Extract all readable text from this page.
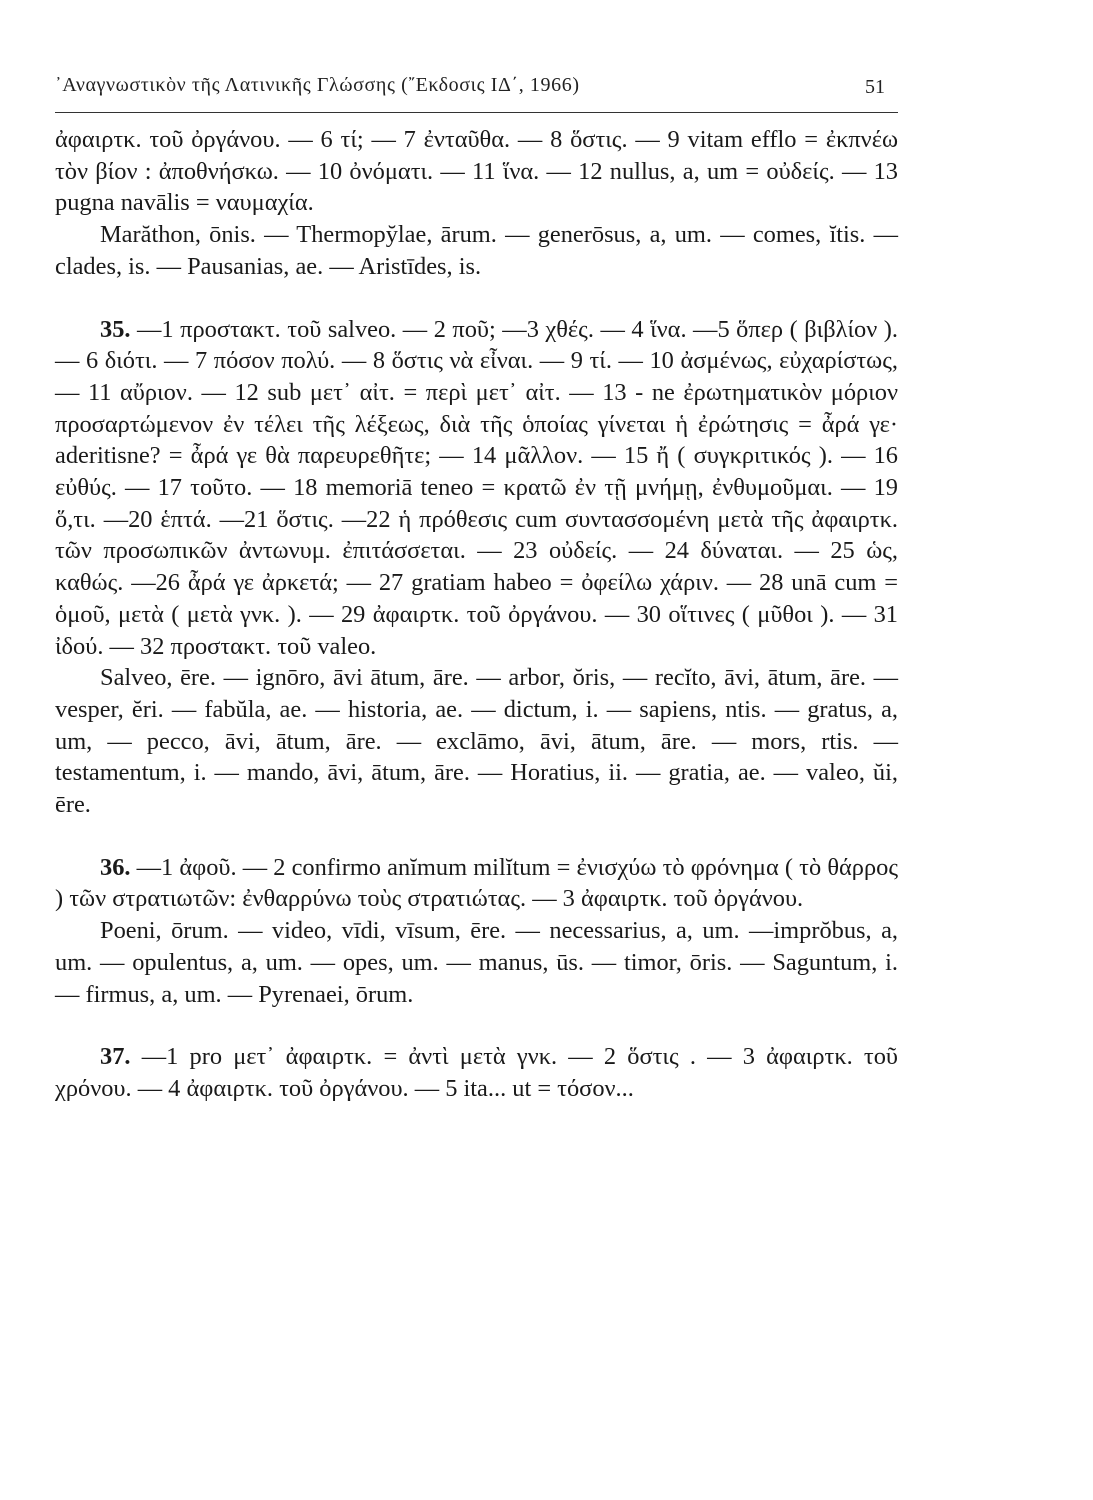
᾿Αναγνωστικὸν τῆς Λατινικῆς Γλώσσης (῎Εκδοσις ΙΔ΄, 1966)	51

ἀφαιρτκ. τοῦ ὀργάνου. — 6 τί; — 7 ἐνταῦθα. — 8 ὅστις. — 9 vitam efflo = ἐκπνέω τὸν βίον : ἀποθνήσκω. — 10 ὀνόματι. — 11 ἵνα. — 12 nullus, a, um = οὐδείς. — 13 pugna navālis = ναυμαχία.

Marăthon, ōnis. — Thermopy̆lae, ārum. — generōsus, a, um. — comes, ĭtis. — clades, is. — Pausanias, ae. — Aristīdes, is.

35. —1 προστακτ. τοῦ salveo. — 2 ποῦ; —3 χθές. — 4 ἵνα. —5 ὅπερ ( βιβλίον ). — 6 διότι. — 7 πόσον πολύ. — 8 ὅστις νὰ εἶναι. — 9 τί. — 10 ἀσμένως, εὐχαρίστως, — 11 αὔριον. — 12 sub μετ᾿ αἰτ. = περὶ μετ᾿ αἰτ. — 13 - ne ἐρωτηματικὸν μόριον προσαρτώμενον ἐν τέλει τῆς λέξεως, διὰ τῆς ὁποίας γίνεται ἡ ἐρώτησις = ἆρά γε· aderitisne? = ἆρά γε θὰ παρευρεθῆτε; — 14 μᾶλλον. — 15 ἤ ( συγκριτικός ). — 16 εὐθύς. — 17 τοῦτο. — 18 memoriā teneo = κρατῶ ἐν τῇ μνήμῃ, ἐνθυμοῦμαι. — 19 ὅ,τι. —20 ἑπτά. —21 ὅστις. —22 ἡ πρόθεσις cum συντασσομένη μετὰ τῆς ἀφαιρτκ. τῶν προσωπικῶν ἀντωνυμ. ἐπιτάσσεται. — 23 οὐδείς. — 24 δύναται. — 25 ὡς, καθώς. —26 ἆρά γε ἀρκετά; — 27 gratiam habeo = ὀφείλω χάριν. — 28 unā cum = ὁμοῦ, μετὰ ( μετὰ γνκ. ). — 29 ἀφαιρτκ. τοῦ ὀργάνου. — 30 οἵτινες ( μῦθοι ). — 31 ἰδού. — 32 προστακτ. τοῦ valeo.

Salveo, ēre. — ignōro, āvi ātum, āre. — arbor, ŏris, — recĭto, āvi, ātum, āre. — vesper, ĕri. — fabŭla, ae. — historia, ae. — dictum, i. — sapiens, ntis. — gratus, a, um, — pecco, āvi, ātum, āre. — exclāmo, āvi, ātum, āre. — mors, rtis. — testamentum, i. — mando, āvi, ātum, āre. — Horatius, ii. — gratia, ae. — valeo, ŭi, ēre.

36. —1 ἀφοῦ. — 2 confirmo anĭmum milĭtum = ἐνισχύω τὸ φρόνημα ( τὸ θάρρος ) τῶν στρατιωτῶν: ἐνθαρρύνω τοὺς στρατιώτας. — 3 ἀφαιρτκ. τοῦ ὀργάνου.

Poeni, ōrum. — video, vīdi, vīsum, ēre. — necessarius, a, um. —imprŏbus, a, um. — opulentus, a, um. — opes, um. — manus, ūs. — timor, ōris. — Saguntum, i. — firmus, a, um. — Pyrenaei, ōrum.

37. —1 pro μετ᾿ ἀφαιρτκ. = ἀντὶ μετὰ γνκ. — 2 ὅστις . — 3 ἀφαιρτκ. τοῦ χρόνου. — 4 ἀφαιρτκ. τοῦ ὀργάνου. — 5 ita... ut = τόσον...
